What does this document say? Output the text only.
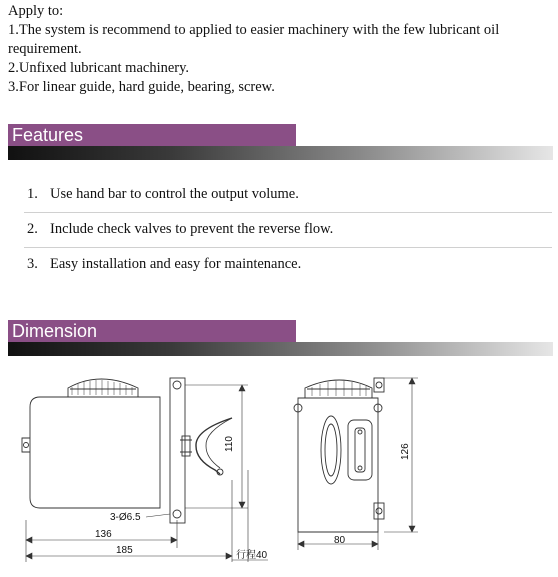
Apply to:

1.The system is recommend to applied to easier machinery with the few lubricant oil

requirement.

2.Unfixed lubricant machinery.

3.For linear guide, hard guide, bearing, screw.

Features
1. Use hand bar to control the output volume.
2. Include check valves to prevent the reverse flow.
3. Easy installation and easy for maintenance.
Dimension
3-Ø6.5
136
185	行程40
110
80
126
